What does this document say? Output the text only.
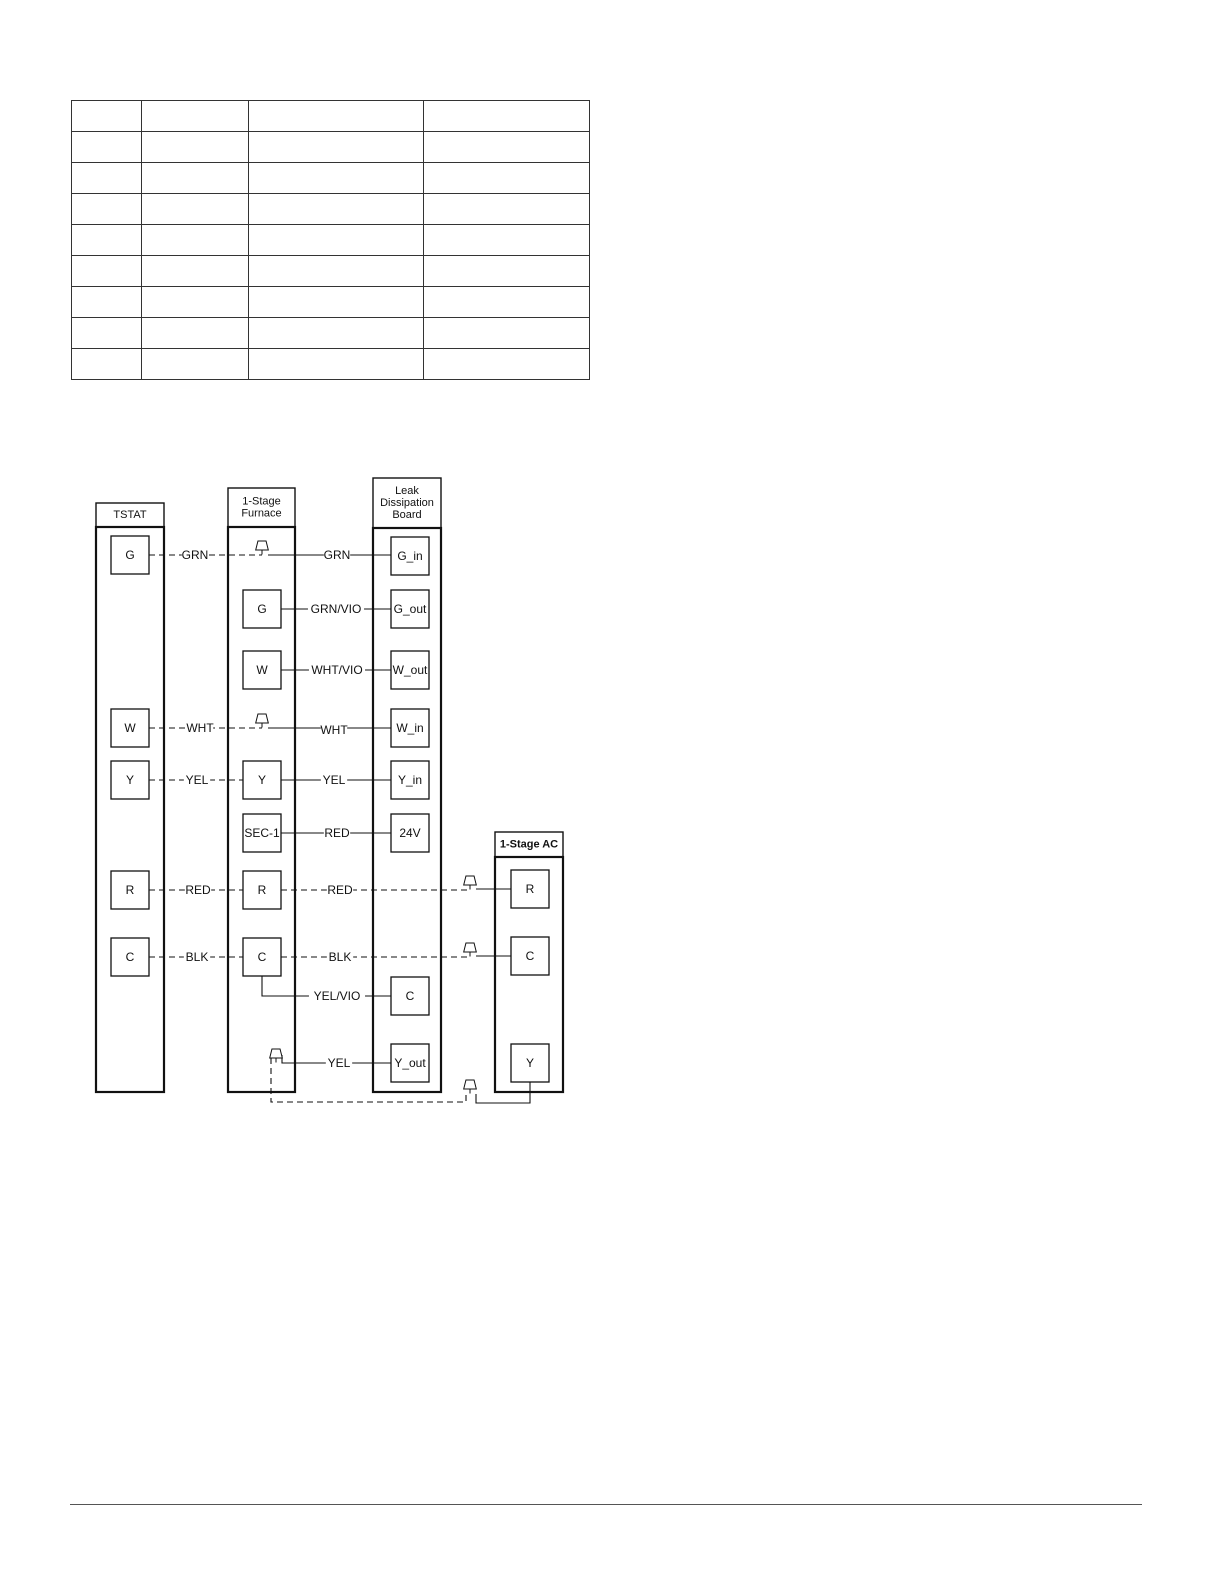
TSTAT
1-Stage
Furnace
Leak
Dissipation
Board
1-Stage AC
G
W
Y
R
C
G
W
Y
SEC-1
R
C
G_in
G_out
W_out
W_in
Y_in
24V
C
Y_out
R
C
Y
GRN	GRN
GRN/VIO
WHT/VIO
WHT	WHT
YEL	YEL
RED
RED	RED
BLK	BLK
YEL/VIO
YEL
